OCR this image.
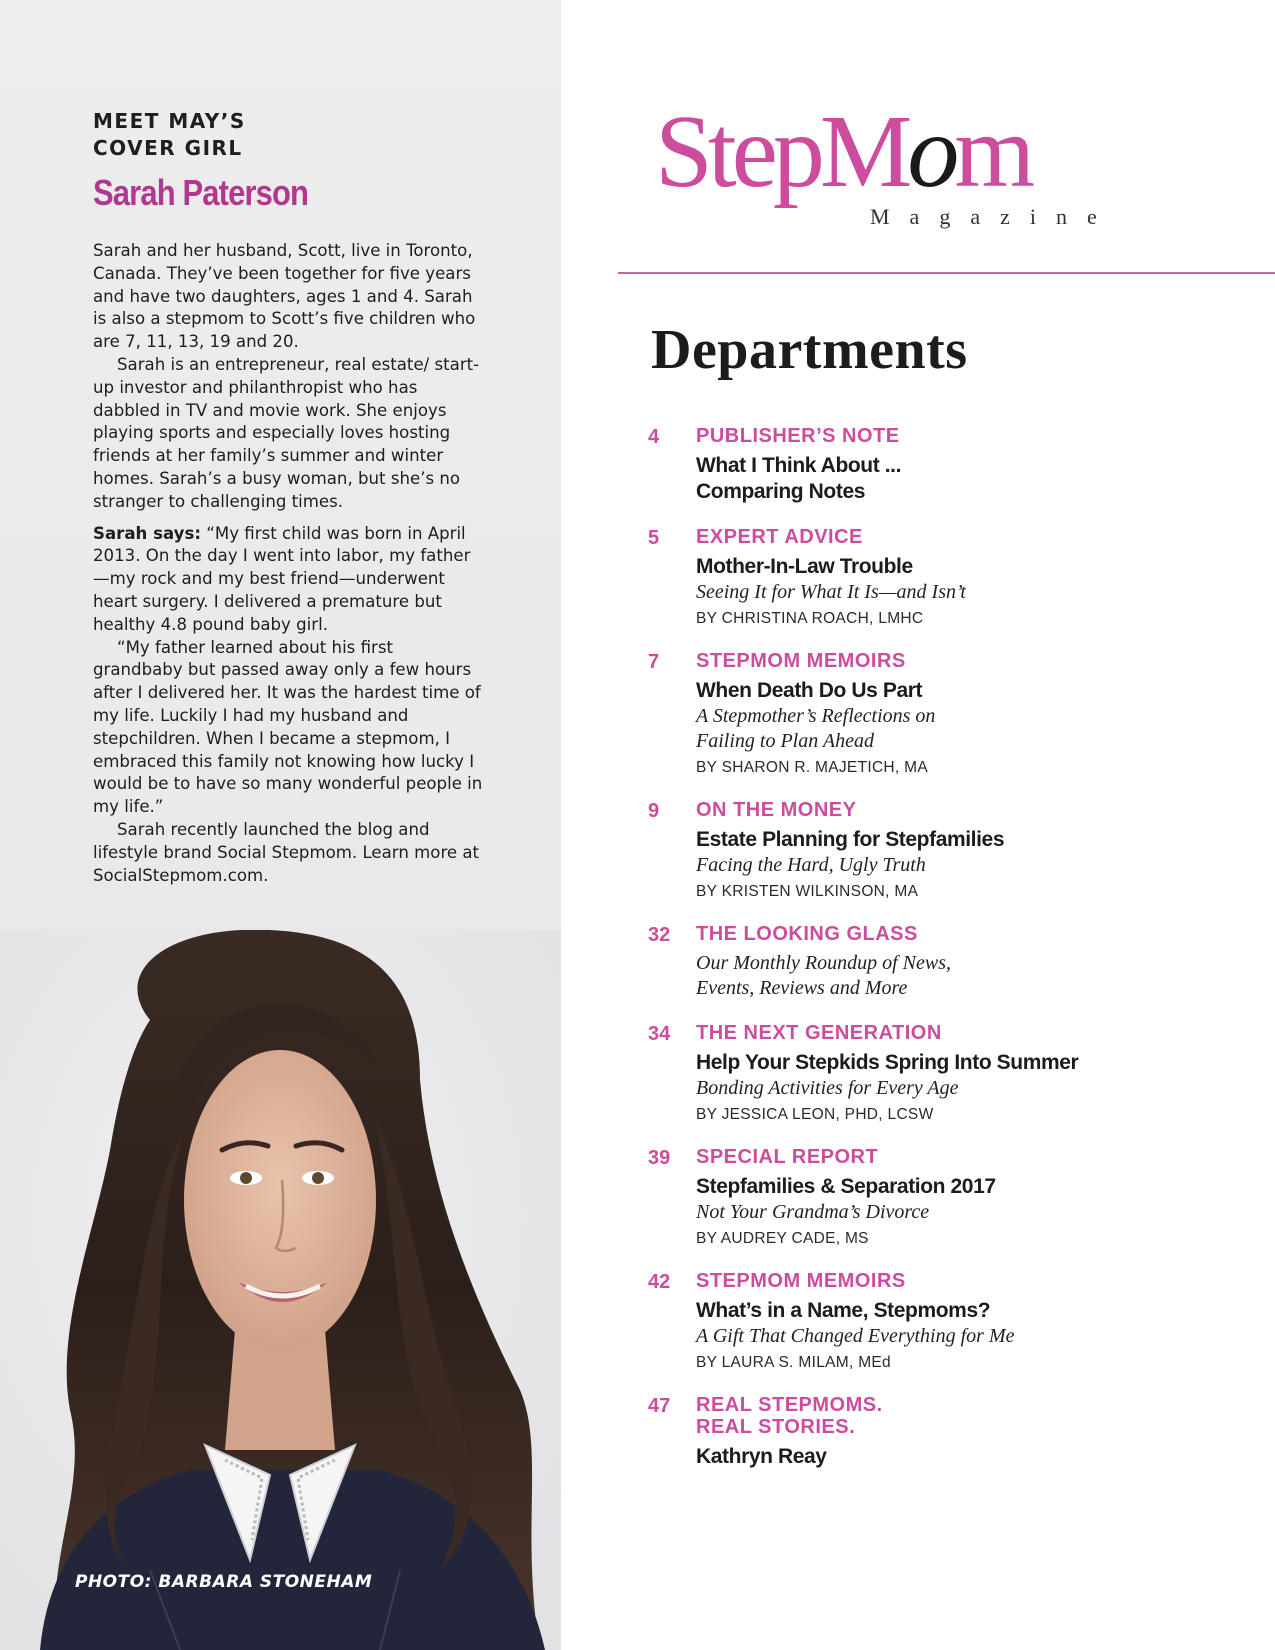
MEET MAY’S
COVER GIRL

Sarah Paterson

Sarah and her husband, Scott, live in Toronto, Canada. They’ve been together for five years and have two daughters, ages 1 and 4. Sarah is also a stepmom to Scott’s five children who are 7, 11, 13, 19 and 20.

Sarah is an entrepreneur, real estate/ start-up investor and philanthropist who has dabbled in TV and movie work. She enjoys playing sports and especially loves hosting friends at her family’s summer and winter homes. Sarah’s a busy woman, but she’s no stranger to challenging times.

Sarah says: “My first child was born in April 2013. On the day I went into labor, my father—my rock and my best friend—underwent heart surgery. I delivered a premature but healthy 4.8 pound baby girl.

“My father learned about his first grandbaby but passed away only a few hours after I delivered her. It was the hardest time of my life. Luckily I had my husband and stepchildren. When I became a stepmom, I embraced this family not knowing how lucky I would be to have so many wonderful people in my life.”

Sarah recently launched the blog and lifestyle brand Social Stepmom. Learn more at SocialStepmom.com.

PHOTO: BARBARA STONEHAM

StepMom

Magazine

Departments
4	PUBLISHER’S NOTE

What I Think About ...
Comparing Notes

5	EXPERT ADVICE

Mother-In-Law Trouble

Seeing It for What It Is—and Isn’t

BY CHRISTINA ROACH, LMHC

7	STEPMOM MEMOIRS

When Death Do Us Part

A Stepmother’s Reflections on
Failing to Plan Ahead

BY SHARON R. MAJETICH, MA

9	ON THE MONEY

Estate Planning for Stepfamilies

Facing the Hard, Ugly Truth

BY KRISTEN WILKINSON, MA

32	THE LOOKING GLASS

Our Monthly Roundup of News,
Events, Reviews and More

34	THE NEXT GENERATION

Help Your Stepkids Spring Into Summer

Bonding Activities for Every Age

BY JESSICA LEON, PHD, LCSW

39	SPECIAL REPORT

Stepfamilies & Separation 2017

Not Your Grandma’s Divorce

BY AUDREY CADE, MS

42	STEPMOM MEMOIRS

What’s in a Name, Stepmoms?

A Gift That Changed Everything for Me

BY LAURA S. MILAM, MEd

47	REAL STEPMOMS.
REAL STORIES.

Kathryn Reay
